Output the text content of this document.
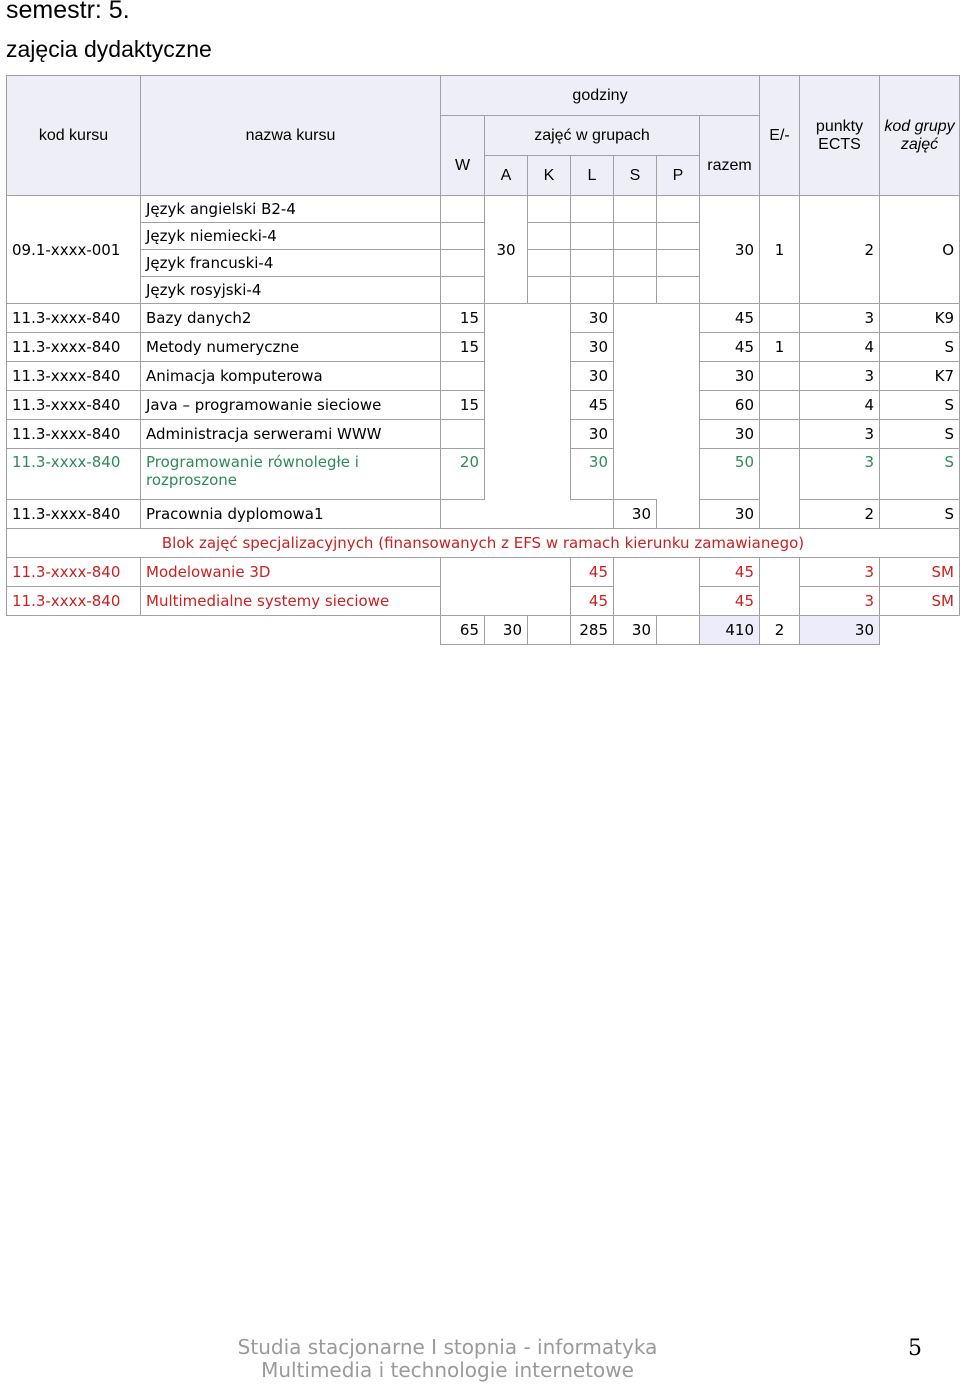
semestr: 5.
zajęcia dydaktyczne
kod kursu	nazwa kursu	godziny							E/-	punkty ECTS	kod grupy zajęć
		W	zajęć w grupach					razem			
			A	K	L	S	P				
09.1-xxxx-001	Język angielski B2-4		30					30	1	2	O
	Język niemiecki-4										
	Język francuski-4										
	Język rosyjski-4										
11.3-xxxx-840	Bazy danych2	15			30			45		3	K9
11.3-xxxx-840	Metody numeryczne	15			30			45	1	4	S
11.3-xxxx-840	Animacja komputerowa				30			30		3	K7
11.3-xxxx-840	Java – programowanie sieciowe	15			45			60		4	S
11.3-xxxx-840	Administracja serwerami WWW				30			30		3	S
11.3-xxxx-840	Programowanie równoległe i rozproszone	20			30			50		3	S
11.3-xxxx-840	Pracownia dyplomowa1					30		30		2	S
Blok zajęć specjalizacyjnych (finansowanych z EFS w ramach kierunku zamawianego)											
11.3-xxxx-840	Modelowanie 3D				45			45		3	SM
11.3-xxxx-840	Multimedialne systemy sieciowe				45			45		3	SM
		65	30		285	30		410	2	30	
Studia stacjonarne I stopnia - informatyka
Multimedia i technologie internetowe
5
